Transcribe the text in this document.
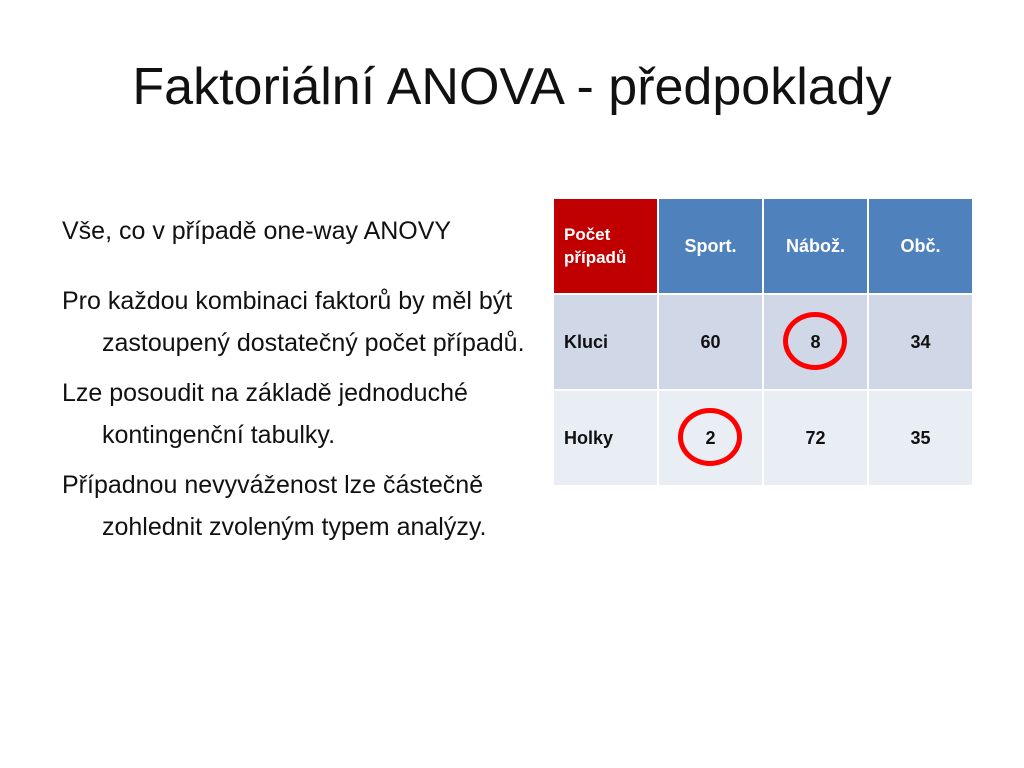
Faktoriální ANOVA - předpoklady

Vše, co v případě one-way ANOVY

Pro každou kombinaci faktorů by měl být zastoupený dostatečný počet případů.

Lze posoudit na základě jednoduché kontingenční tabulky.

Případnou nevyváženost lze částečně zohlednit zvoleným typem analýzy.

Počet případů	Sport.	Nábož.	Obč.
Kluci	60	8	34
Holky	2	72	35
